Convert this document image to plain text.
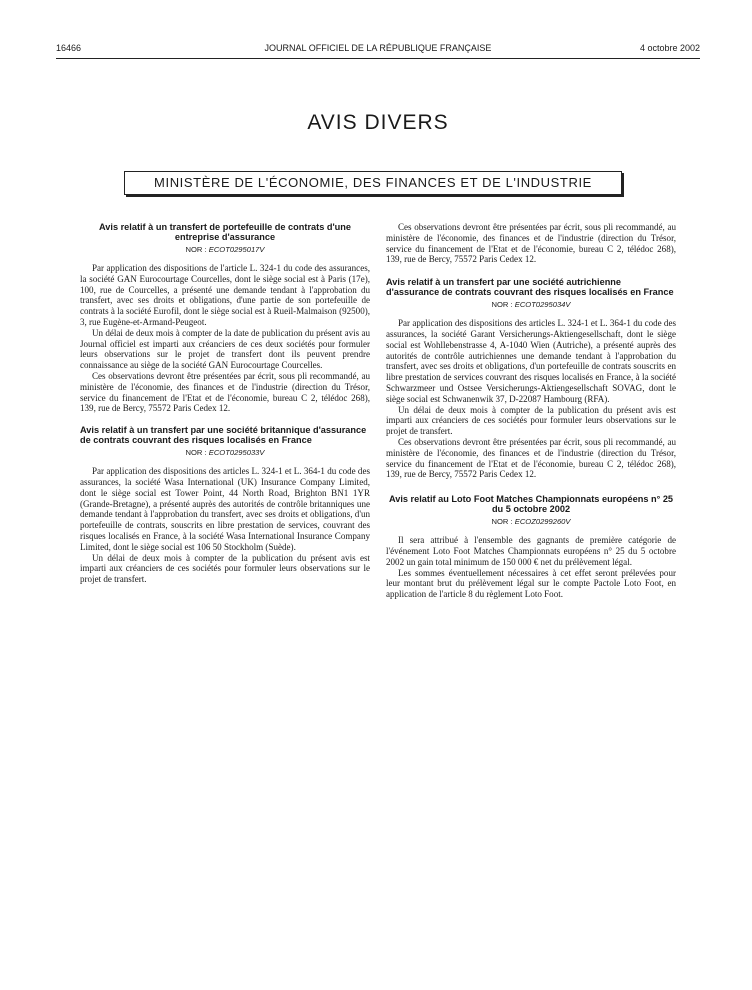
16466	JOURNAL OFFICIEL DE LA RÉPUBLIQUE FRANÇAISE	4 octobre 2002
AVIS DIVERS
MINISTÈRE DE L'ÉCONOMIE, DES FINANCES ET DE L'INDUSTRIE

Avis relatif à un transfert de portefeuille de contrats d'une entreprise d'assurance

NOR : ECOT0295017V

Par application des dispositions de l'article L. 324-1 du code des assurances, la société GAN Eurocourtage Courcelles, dont le siège social est à Paris (17e), 100, rue de Courcelles, a présenté une demande tendant à l'approbation du transfert, avec ses droits et obligations, d'une partie de son portefeuille de contrats à la société Eurofil, dont le siège social est à Rueil-Malmaison (92500), 3, rue Eugène-et-Armand-Peugeot.

Un délai de deux mois à compter de la date de publication du présent avis au Journal officiel est imparti aux créanciers de ces deux sociétés pour formuler leurs observations sur le projet de transfert dont ils peuvent prendre connaissance au siège de la société GAN Eurocourtage Courcelles.

Ces observations devront être présentées par écrit, sous pli recommandé, au ministère de l'économie, des finances et de l'industrie (direction du Trésor, service du financement de l'Etat et de l'économie, bureau C 2, télédoc 268), 139, rue de Bercy, 75572 Paris Cedex 12.

Avis relatif à un transfert par une société britannique d'assurance de contrats couvrant des risques localisés en France

NOR : ECOT0295033V

Par application des dispositions des articles L. 324-1 et L. 364-1 du code des assurances, la société Wasa International (UK) Insurance Company Limited, dont le siège social est Tower Point, 44 North Road, Brighton BN1 1YR (Grande-Bretagne), a présenté auprès des autorités de contrôle britanniques une demande tendant à l'approbation du transfert, avec ses droits et obligations, d'un portefeuille de contrats, souscrits en libre prestation de services, couvrant des risques localisés en France, à la société Wasa International Insurance Company Limited, dont le siège social est 106 50 Stockholm (Suède).

Un délai de deux mois à compter de la publication du présent avis est imparti aux créanciers de ces sociétés pour formuler leurs observations sur le projet de transfert.

Ces observations devront être présentées par écrit, sous pli recommandé, au ministère de l'économie, des finances et de l'industrie (direction du Trésor, service du financement de l'Etat et de l'économie, bureau C 2, télédoc 268), 139, rue de Bercy, 75572 Paris Cedex 12.

Avis relatif à un transfert par une société autrichienne d'assurance de contrats couvrant des risques localisés en France

NOR : ECOT0295034V

Par application des dispositions des articles L. 324-1 et L. 364-1 du code des assurances, la société Garant Versicherungs-Aktiengesellschaft, dont le siège social est Wohllebenstrasse 4, A-1040 Wien (Autriche), a présenté auprès des autorités de contrôle autrichiennes une demande tendant à l'approbation du transfert, avec ses droits et obligations, d'un portefeuille de contrats souscrits en libre prestation de services couvrant des risques localisés en France, à la société Schwarzmeer und Ostsee Versicherungs-Aktiengesellschaft SOVAG, dont le siège social est Schwanenwik 37, D-22087 Hambourg (RFA).

Un délai de deux mois à compter de la publication du présent avis est imparti aux créanciers de ces sociétés pour formuler leurs observations sur le projet de transfert.

Ces observations devront être présentées par écrit, sous pli recommandé, au ministère de l'économie, des finances et de l'industrie (direction du Trésor, service du financement de l'Etat et de l'économie, bureau C 2, télédoc 268), 139, rue de Bercy, 75572 Paris Cedex 12.

Avis relatif au Loto Foot Matches Championnats européens n° 25 du 5 octobre 2002

NOR : ECOZ0299260V

Il sera attribué à l'ensemble des gagnants de première catégorie de l'événement Loto Foot Matches Championnats européens n° 25 du 5 octobre 2002 un gain total minimum de 150 000 € net du prélèvement légal.

Les sommes éventuellement nécessaires à cet effet seront prélevées pour leur montant brut du prélèvement légal sur le compte Pactole Loto Foot, en application de l'article 8 du règlement Loto Foot.
